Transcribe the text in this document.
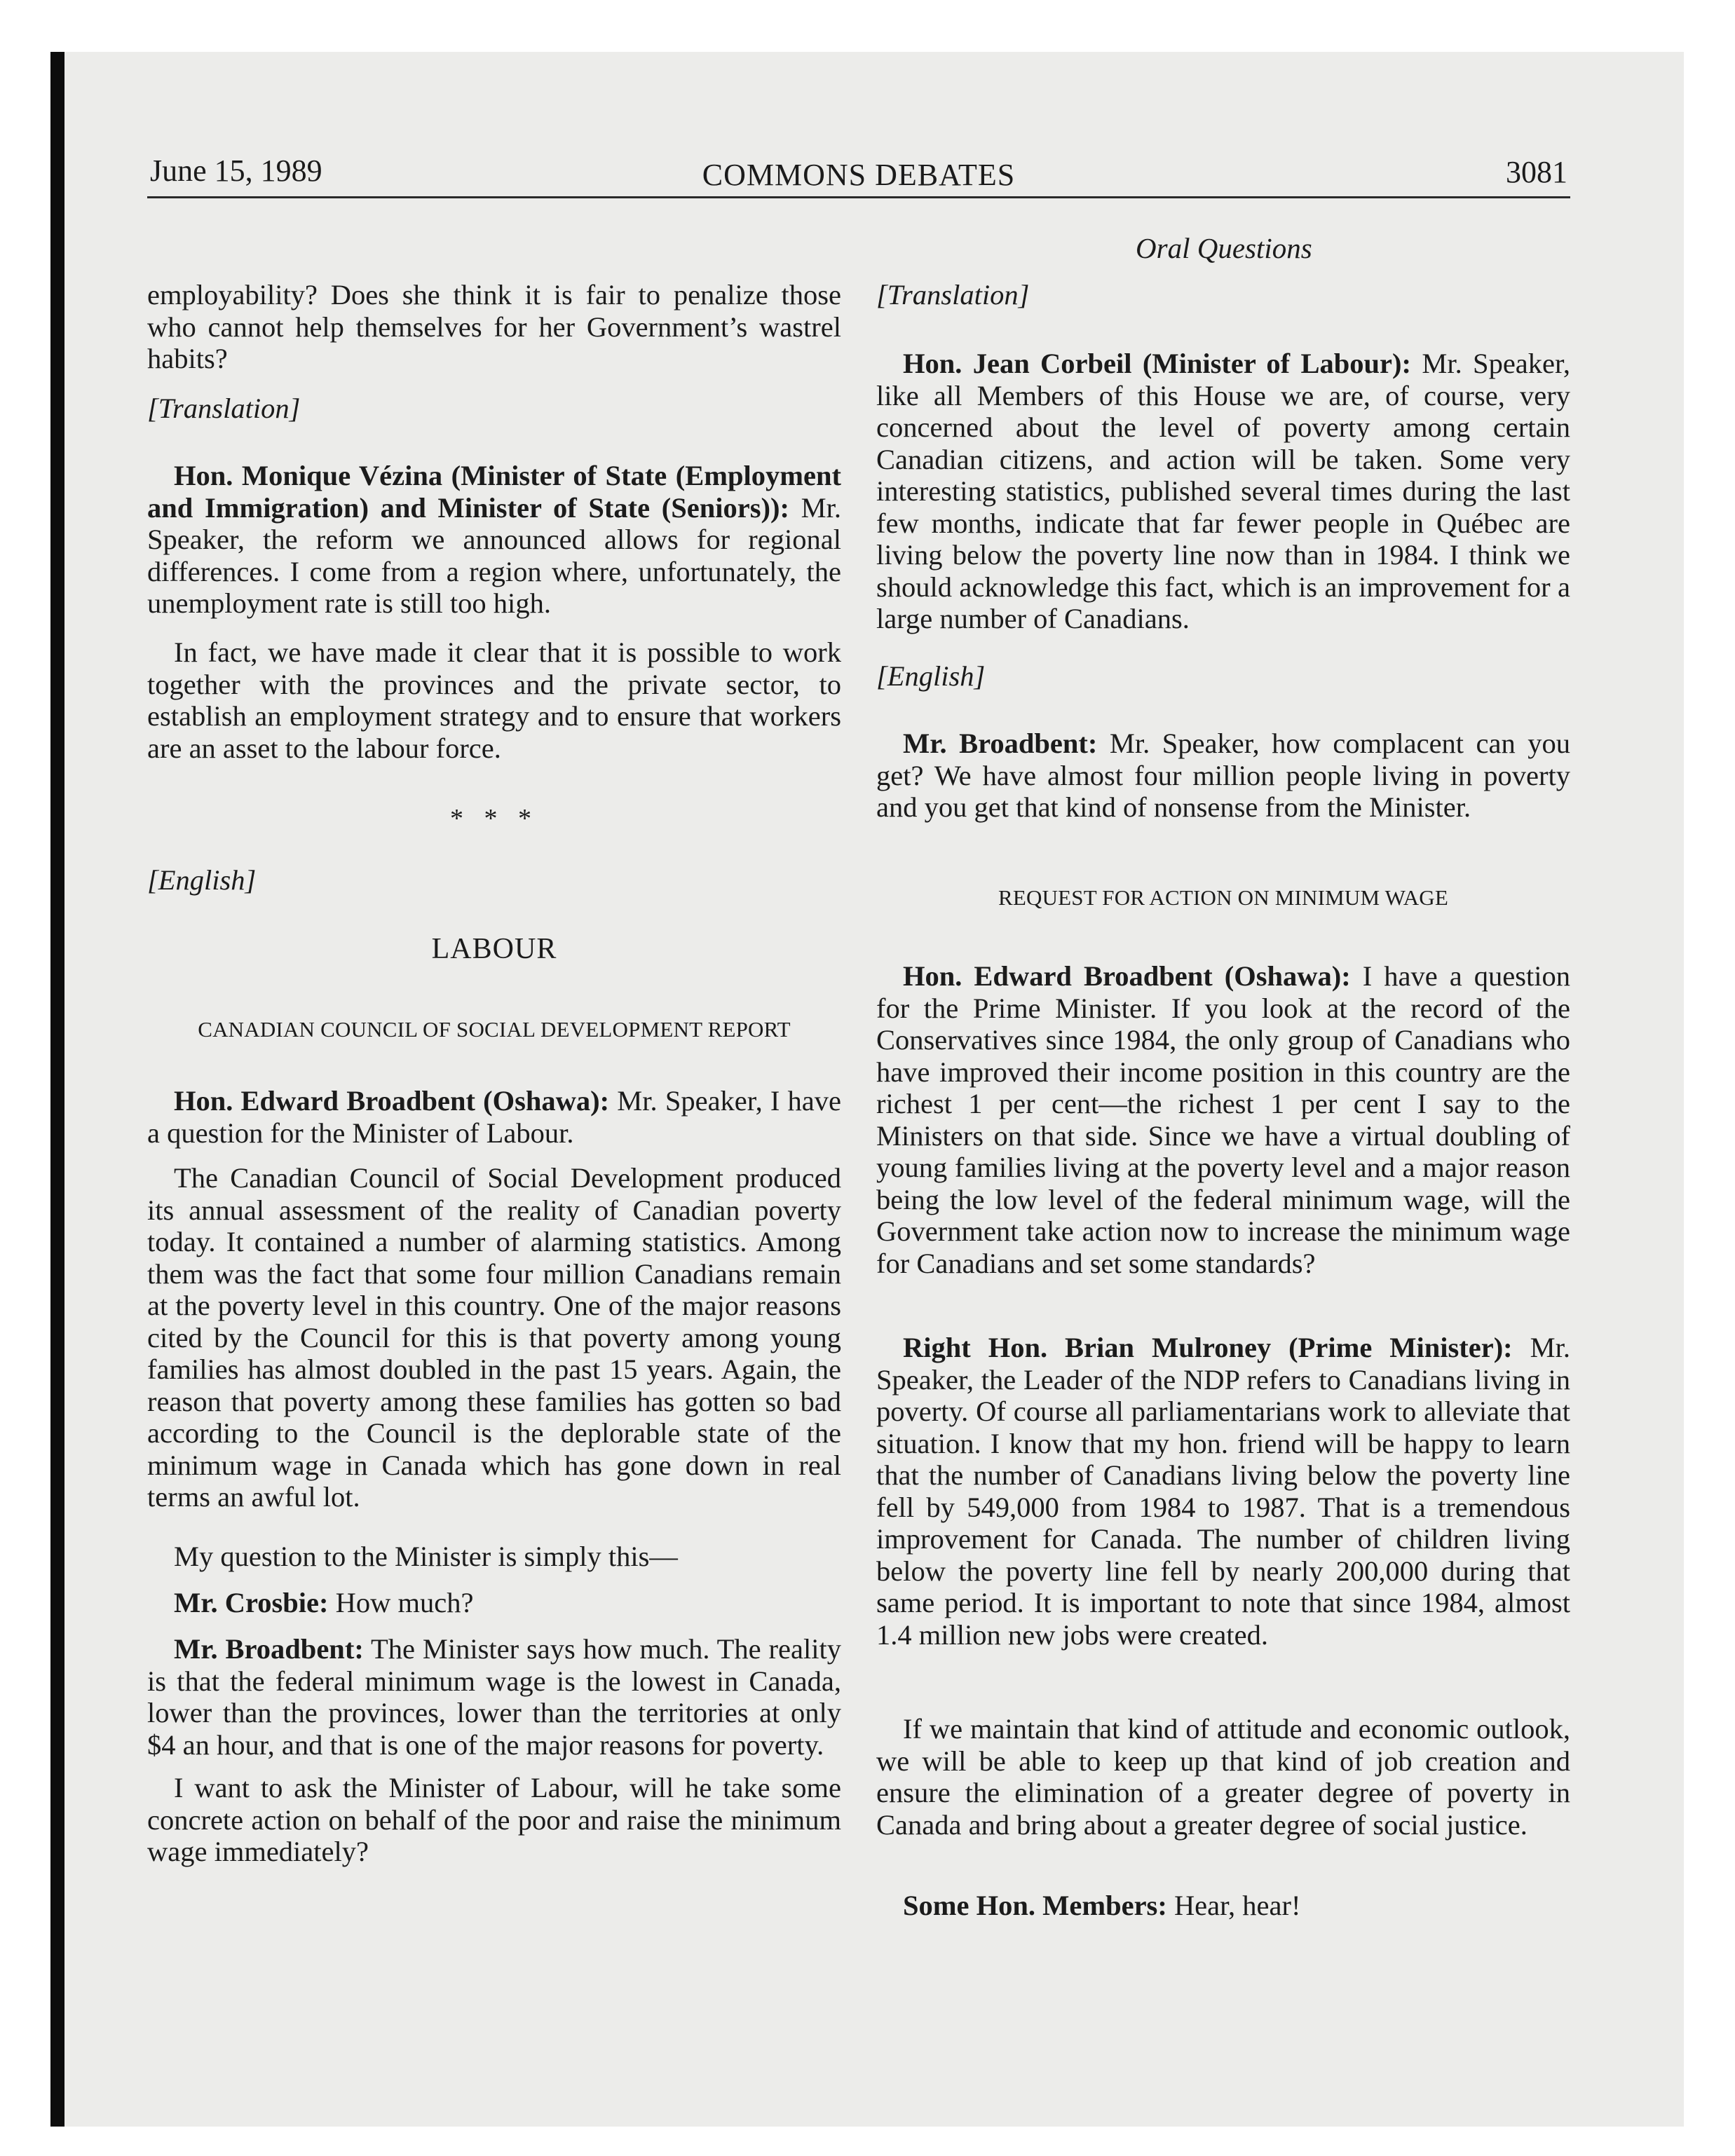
June 15, 1989	COMMONS DEBATES	3081
Oral Questions

employability? Does she think it is fair to penalize those who cannot help themselves for her Government’s wastrel habits?

[Translation]

Hon. Monique Vézina (Minister of State (Employment and Immigration) and Minister of State (Seniors)): Mr. Speaker, the reform we announced allows for regional differences. I come from a region where, unfortunately, the unemployment rate is still too high.

In fact, we have made it clear that it is possible to work together with the provinces and the private sector, to establish an employment strategy and to ensure that workers are an asset to the labour force.

* * *

[English]

LABOUR

CANADIAN COUNCIL OF SOCIAL DEVELOPMENT REPORT

Hon. Edward Broadbent (Oshawa): Mr. Speaker, I have a question for the Minister of Labour.

The Canadian Council of Social Development produced its annual assessment of the reality of Canadian poverty today. It contained a number of alarming statistics. Among them was the fact that some four million Canadians remain at the poverty level in this country. One of the major reasons cited by the Council for this is that poverty among young families has almost doubled in the past 15 years. Again, the reason that poverty among these families has gotten so bad according to the Council is the deplorable state of the minimum wage in Canada which has gone down in real terms an awful lot.

My question to the Minister is simply this—

Mr. Crosbie: How much?

Mr. Broadbent: The Minister says how much. The reality is that the federal minimum wage is the lowest in Canada, lower than the provinces, lower than the territories at only $4 an hour, and that is one of the major reasons for poverty.

I want to ask the Minister of Labour, will he take some concrete action on behalf of the poor and raise the minimum wage immediately?

[Translation]

Hon. Jean Corbeil (Minister of Labour): Mr. Speaker, like all Members of this House we are, of course, very concerned about the level of poverty among certain Canadian citizens, and action will be taken. Some very interesting statistics, published several times during the last few months, indicate that far fewer people in Québec are living below the poverty line now than in 1984. I think we should acknowledge this fact, which is an improvement for a large number of Canadians.

[English]

Mr. Broadbent: Mr. Speaker, how complacent can you get? We have almost four million people living in poverty and you get that kind of nonsense from the Minister.

REQUEST FOR ACTION ON MINIMUM WAGE

Hon. Edward Broadbent (Oshawa): I have a question for the Prime Minister. If you look at the record of the Conservatives since 1984, the only group of Canadians who have improved their income position in this country are the richest 1 per cent—the richest 1 per cent I say to the Ministers on that side. Since we have a virtual doubling of young families living at the poverty level and a major reason being the low level of the federal minimum wage, will the Government take action now to increase the minimum wage for Canadians and set some standards?

Right Hon. Brian Mulroney (Prime Minister): Mr. Speaker, the Leader of the NDP refers to Canadians living in poverty. Of course all parliamentarians work to alleviate that situation. I know that my hon. friend will be happy to learn that the number of Canadians living below the poverty line fell by 549,000 from 1984 to 1987. That is a tremendous improvement for Canada. The number of children living below the poverty line fell by nearly 200,000 during that same period. It is important to note that since 1984, almost 1.4 million new jobs were created.

If we maintain that kind of attitude and economic outlook, we will be able to keep up that kind of job creation and ensure the elimination of a greater degree of poverty in Canada and bring about a greater degree of social justice.

Some Hon. Members: Hear, hear!
